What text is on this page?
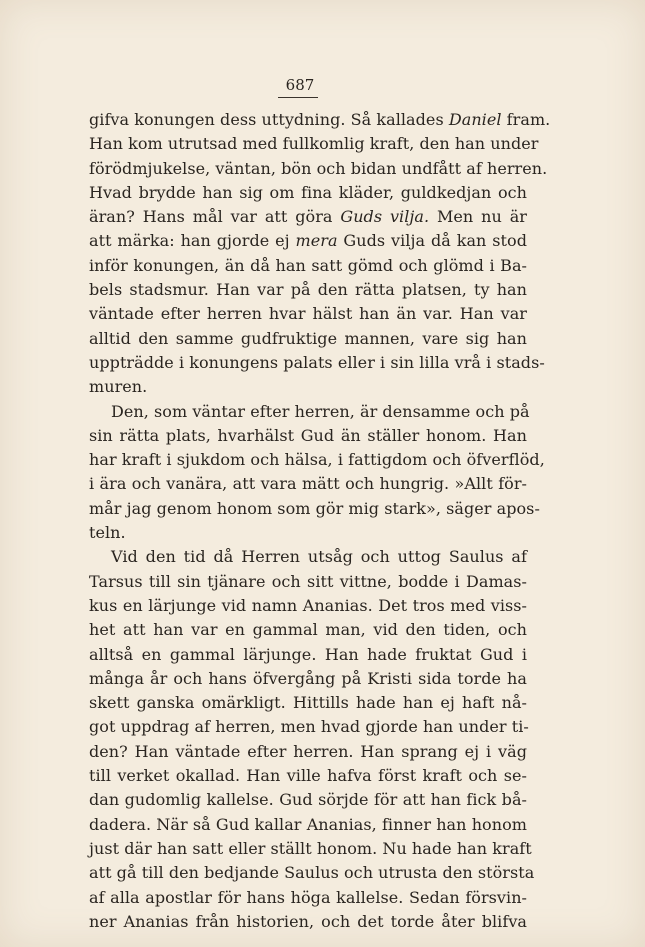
687
gifva konungen dess uttydning. Så kallades Daniel fram.
Han kom utrutsad med fullkomlig kraft, den han under
förödmjukelse, väntan, bön och bidan undfått af herren.
Hvad brydde han sig om fina kläder, guldkedjan och
äran? Hans mål var att göra Guds vilja. Men nu är
att märka: han gjorde ej mera Guds vilja då kan stod
inför konungen, än då han satt gömd och glömd i Ba-
bels stadsmur. Han var på den rätta platsen, ty han
väntade efter herren hvar hälst han än var. Han var
alltid den samme gudfruktige mannen, vare sig han
uppträdde i konungens palats eller i sin lilla vrå i stads-
muren.
Den, som väntar efter herren, är densamme och på
sin rätta plats, hvarhälst Gud än ställer honom. Han
har kraft i sjukdom och hälsa, i fattigdom och öfverflöd,
i ära och vanära, att vara mätt och hungrig. »Allt för-
mår jag genom honom som gör mig stark», säger apos-
teln.
Vid den tid då Herren utsåg och uttog Saulus af
Tarsus till sin tjänare och sitt vittne, bodde i Damas-
kus en lärjunge vid namn Ananias. Det tros med viss-
het att han var en gammal man, vid den tiden, och
alltså en gammal lärjunge. Han hade fruktat Gud i
många år och hans öfvergång på Kristi sida torde ha
skett ganska omärkligt. Hittills hade han ej haft nå-
got uppdrag af herren, men hvad gjorde han under ti-
den? Han väntade efter herren. Han sprang ej i väg
till verket okallad. Han ville hafva först kraft och se-
dan gudomlig kallelse. Gud sörjde för att han fick bå-
dadera. När så Gud kallar Ananias, finner han honom
just där han satt eller ställt honom. Nu hade han kraft
att gå till den bedjande Saulus och utrusta den största
af alla apostlar för hans höga kallelse. Sedan försvin-
ner Ananias från historien, och det torde åter blifva
